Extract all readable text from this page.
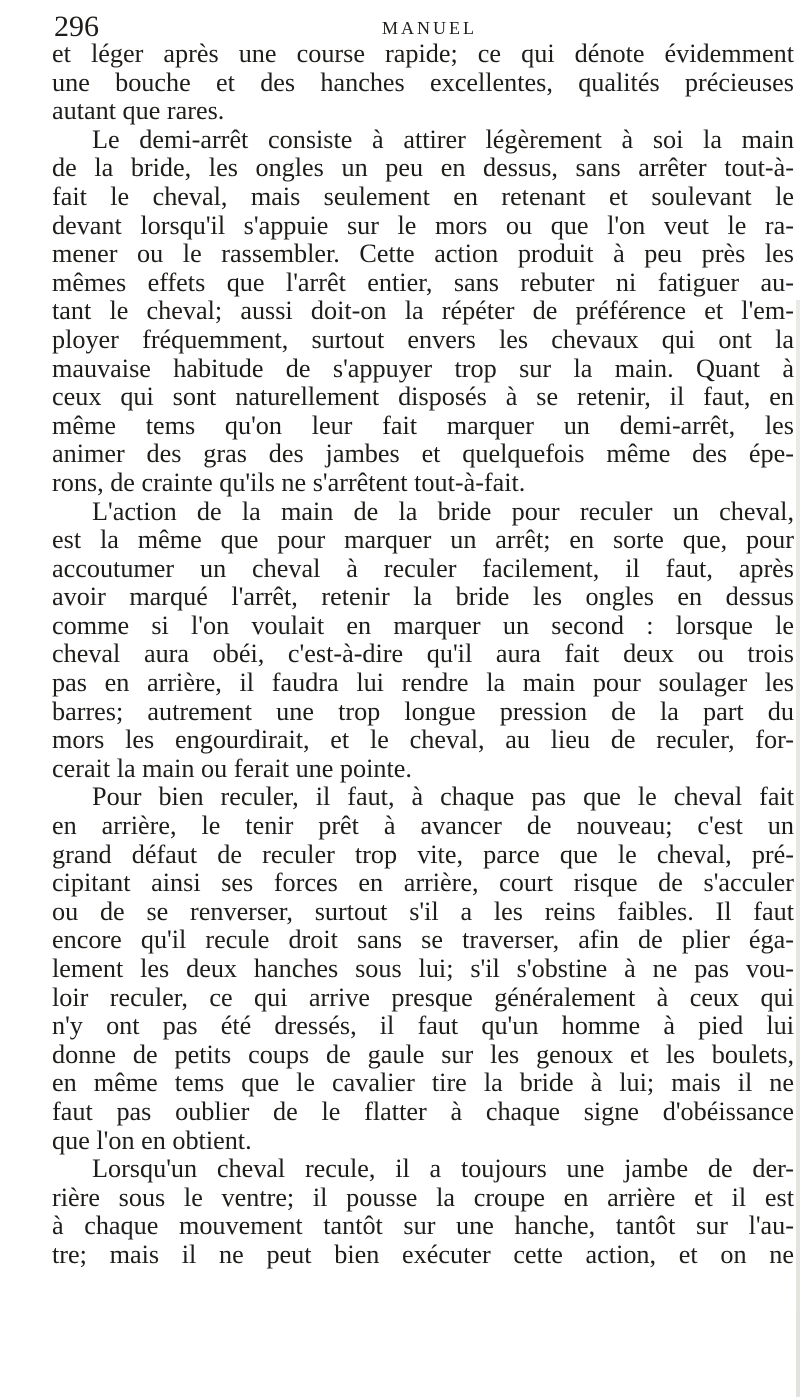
296	MANUEL
et léger après une course rapide; ce qui dénote évidemment
une bouche et des hanches excellentes, qualités précieuses
autant que rares.
Le demi-arrêt consiste à attirer légèrement à soi la main
de la bride, les ongles un peu en dessus, sans arrêter tout-à-
fait le cheval, mais seulement en retenant et soulevant le
devant lorsqu'il s'appuie sur le mors ou que l'on veut le ra-
mener ou le rassembler. Cette action produit à peu près les
mêmes effets que l'arrêt entier, sans rebuter ni fatiguer au-
tant le cheval; aussi doit-on la répéter de préférence et l'em-
ployer fréquemment, surtout envers les chevaux qui ont la
mauvaise habitude de s'appuyer trop sur la main. Quant à
ceux qui sont naturellement disposés à se retenir, il faut, en
même tems qu'on leur fait marquer un demi-arrêt, les
animer des gras des jambes et quelquefois même des épe-
rons, de crainte qu'ils ne s'arrêtent tout-à-fait.
L'action de la main de la bride pour reculer un cheval,
est la même que pour marquer un arrêt; en sorte que, pour
accoutumer un cheval à reculer facilement, il faut, après
avoir marqué l'arrêt, retenir la bride les ongles en dessus
comme si l'on voulait en marquer un second : lorsque le
cheval aura obéi, c'est-à-dire qu'il aura fait deux ou trois
pas en arrière, il faudra lui rendre la main pour soulager les
barres; autrement une trop longue pression de la part du
mors les engourdirait, et le cheval, au lieu de reculer, for-
cerait la main ou ferait une pointe.
Pour bien reculer, il faut, à chaque pas que le cheval fait
en arrière, le tenir prêt à avancer de nouveau; c'est un
grand défaut de reculer trop vite, parce que le cheval, pré-
cipitant ainsi ses forces en arrière, court risque de s'acculer
ou de se renverser, surtout s'il a les reins faibles. Il faut
encore qu'il recule droit sans se traverser, afin de plier éga-
lement les deux hanches sous lui; s'il s'obstine à ne pas vou-
loir reculer, ce qui arrive presque généralement à ceux qui
n'y ont pas été dressés, il faut qu'un homme à pied lui
donne de petits coups de gaule sur les genoux et les boulets,
en même tems que le cavalier tire la bride à lui; mais il ne
faut pas oublier de le flatter à chaque signe d'obéissance
que l'on en obtient.
Lorsqu'un cheval recule, il a toujours une jambe de der-
rière sous le ventre; il pousse la croupe en arrière et il est
à chaque mouvement tantôt sur une hanche, tantôt sur l'au-
tre; mais il ne peut bien exécuter cette action, et on ne
